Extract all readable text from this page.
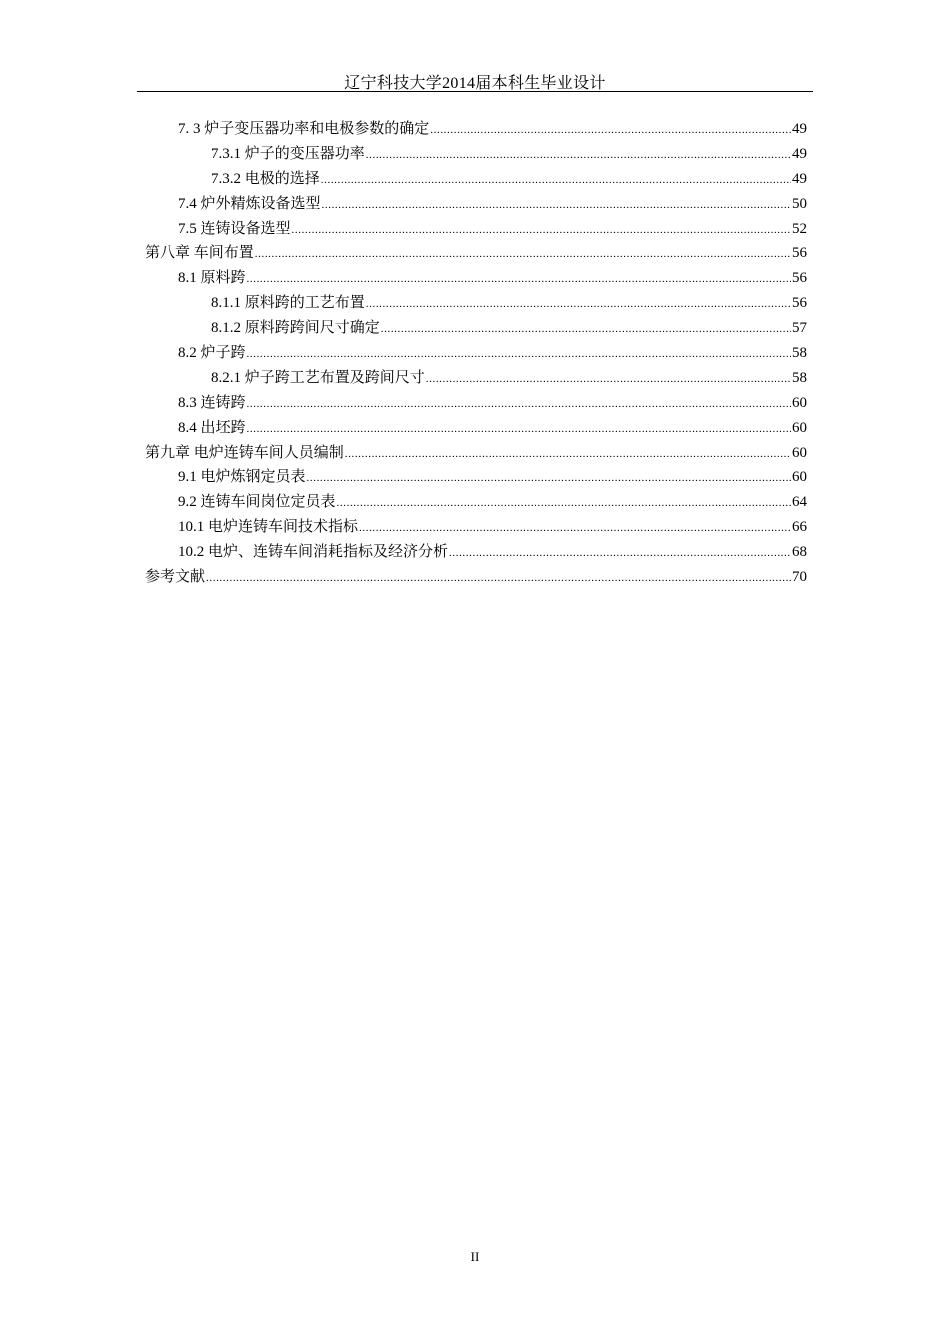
辽宁科技大学2014届本科生毕业设计
7. 3 炉子变压器功率和电极参数的确定 .....	49
7.3.1 炉子的变压器功率 .....	49
7.3.2 电极的选择 .....	49
7.4 炉外精炼设备选型 .....	50
7.5 连铸设备选型 .....	52
第八章 车间布置 .....	56
8.1 原料跨 .....	56
8.1.1 原料跨的工艺布置 .....	56
8.1.2 原料跨跨间尺寸确定 .....	57
8.2 炉子跨 .....	58
8.2.1 炉子跨工艺布置及跨间尺寸 .....	58
8.3 连铸跨 .....	60
8.4 出坯跨 .....	60
第九章 电炉连铸车间人员编制 .....	60
9.1 电炉炼钢定员表 .....	60
9.2 连铸车间岗位定员表 .....	64
10.1 电炉连铸车间技术指标 .....	66
10.2 电炉、连铸车间消耗指标及经济分析 .....	68
参考文献 .....	70
II
